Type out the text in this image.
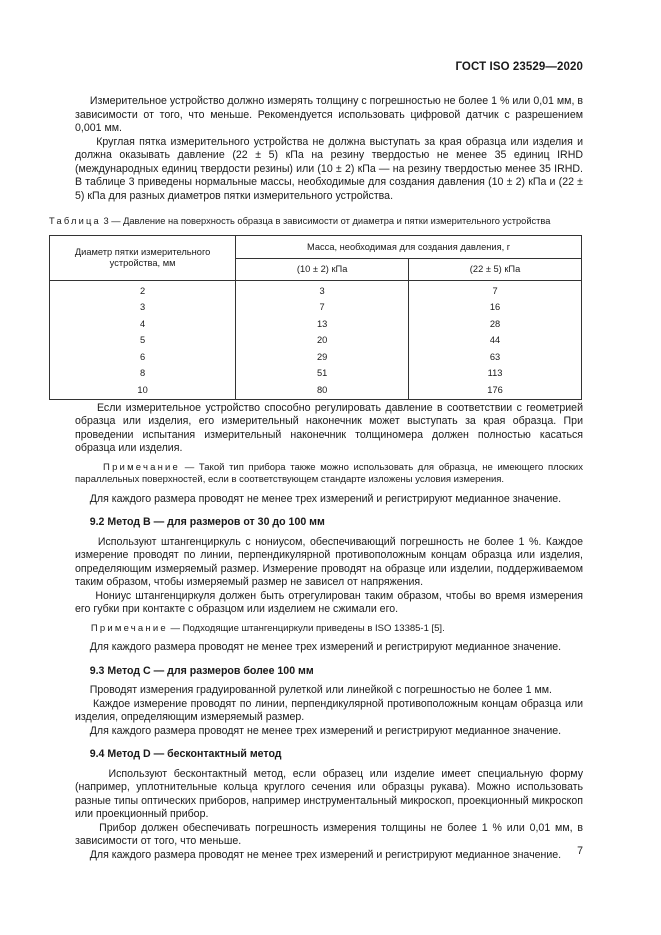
ГОСТ ISO 23529—2020

Измерительное устройство должно измерять толщину с погрешностью не более 1 % или 0,01 мм, в зависимости от того, что меньше. Рекомендуется использовать цифровой датчик с разрешением 0,001 мм.

Круглая пятка измерительного устройства не должна выступать за края образца или изделия и должна оказывать давление (22 ± 5) кПа на резину твердостью не менее 35 единиц IRHD (международных единиц твердости резины) или (10 ± 2) кПа — на резину твердостью менее 35 IRHD. В таблице 3 приведены нормальные массы, необходимые для создания давления (10 ± 2) кПа и (22 ± 5) кПа для разных диаметров пятки измерительного устройства.

Таблица 3 — Давление на поверхность образца в зависимости от диаметра и пятки измерительного устройства
Диаметр пятки измерительного устройства, мм	Масса, необходимая для создания давления, г	
	(10 ± 2) кПа	(22 ± 5) кПа
2	3	7
3	7	16
4	13	28
5	20	44
6	29	63
8	51	113
10	80	176

Если измерительное устройство способно регулировать давление в соответствии с геометрией образца или изделия, его измерительный наконечник может выступать за края образца. При проведении испытания измерительный наконечник толщиномера должен полностью касаться образца или изделия.

Примечание — Такой тип прибора также можно использовать для образца, не имеющего плоских параллельных поверхностей, если в соответствующем стандарте изложены условия измерения.

Для каждого размера проводят не менее трех измерений и регистрируют медианное значение.

9.2 Метод В — для размеров от 30 до 100 мм

Используют штангенциркуль с нониусом, обеспечивающий погрешность не более 1 %. Каждое измерение проводят по линии, перпендикулярной противоположным концам образца или изделия, определяющим измеряемый размер. Измерение проводят на образце или изделии, поддерживаемом таким образом, чтобы измеряемый размер не зависел от напряжения.

Нониус штангенциркуля должен быть отрегулирован таким образом, чтобы во время измерения его губки при контакте с образцом или изделием не сжимали его.

Примечание — Подходящие штангенциркули приведены в ISO 13385-1 [5].

Для каждого размера проводят не менее трех измерений и регистрируют медианное значение.

9.3 Метод С — для размеров более 100 мм

Проводят измерения градуированной рулеткой или линейкой с погрешностью не более 1 мм.

Каждое измерение проводят по линии, перпендикулярной противоположным концам образца или изделия, определяющим измеряемый размер.

Для каждого размера проводят не менее трех измерений и регистрируют медианное значение.

9.4 Метод D — бесконтактный метод

Используют бесконтактный метод, если образец или изделие имеет специальную форму (например, уплотнительные кольца круглого сечения или образцы рукава). Можно использовать разные типы оптических приборов, например инструментальный микроскоп, проекционный микроскоп или проекционный прибор.

Прибор должен обеспечивать погрешность измерения толщины не более 1 % или 0,01 мм, в зависимости от того, что меньше.

Для каждого размера проводят не менее трех измерений и регистрируют медианное значение.	7
